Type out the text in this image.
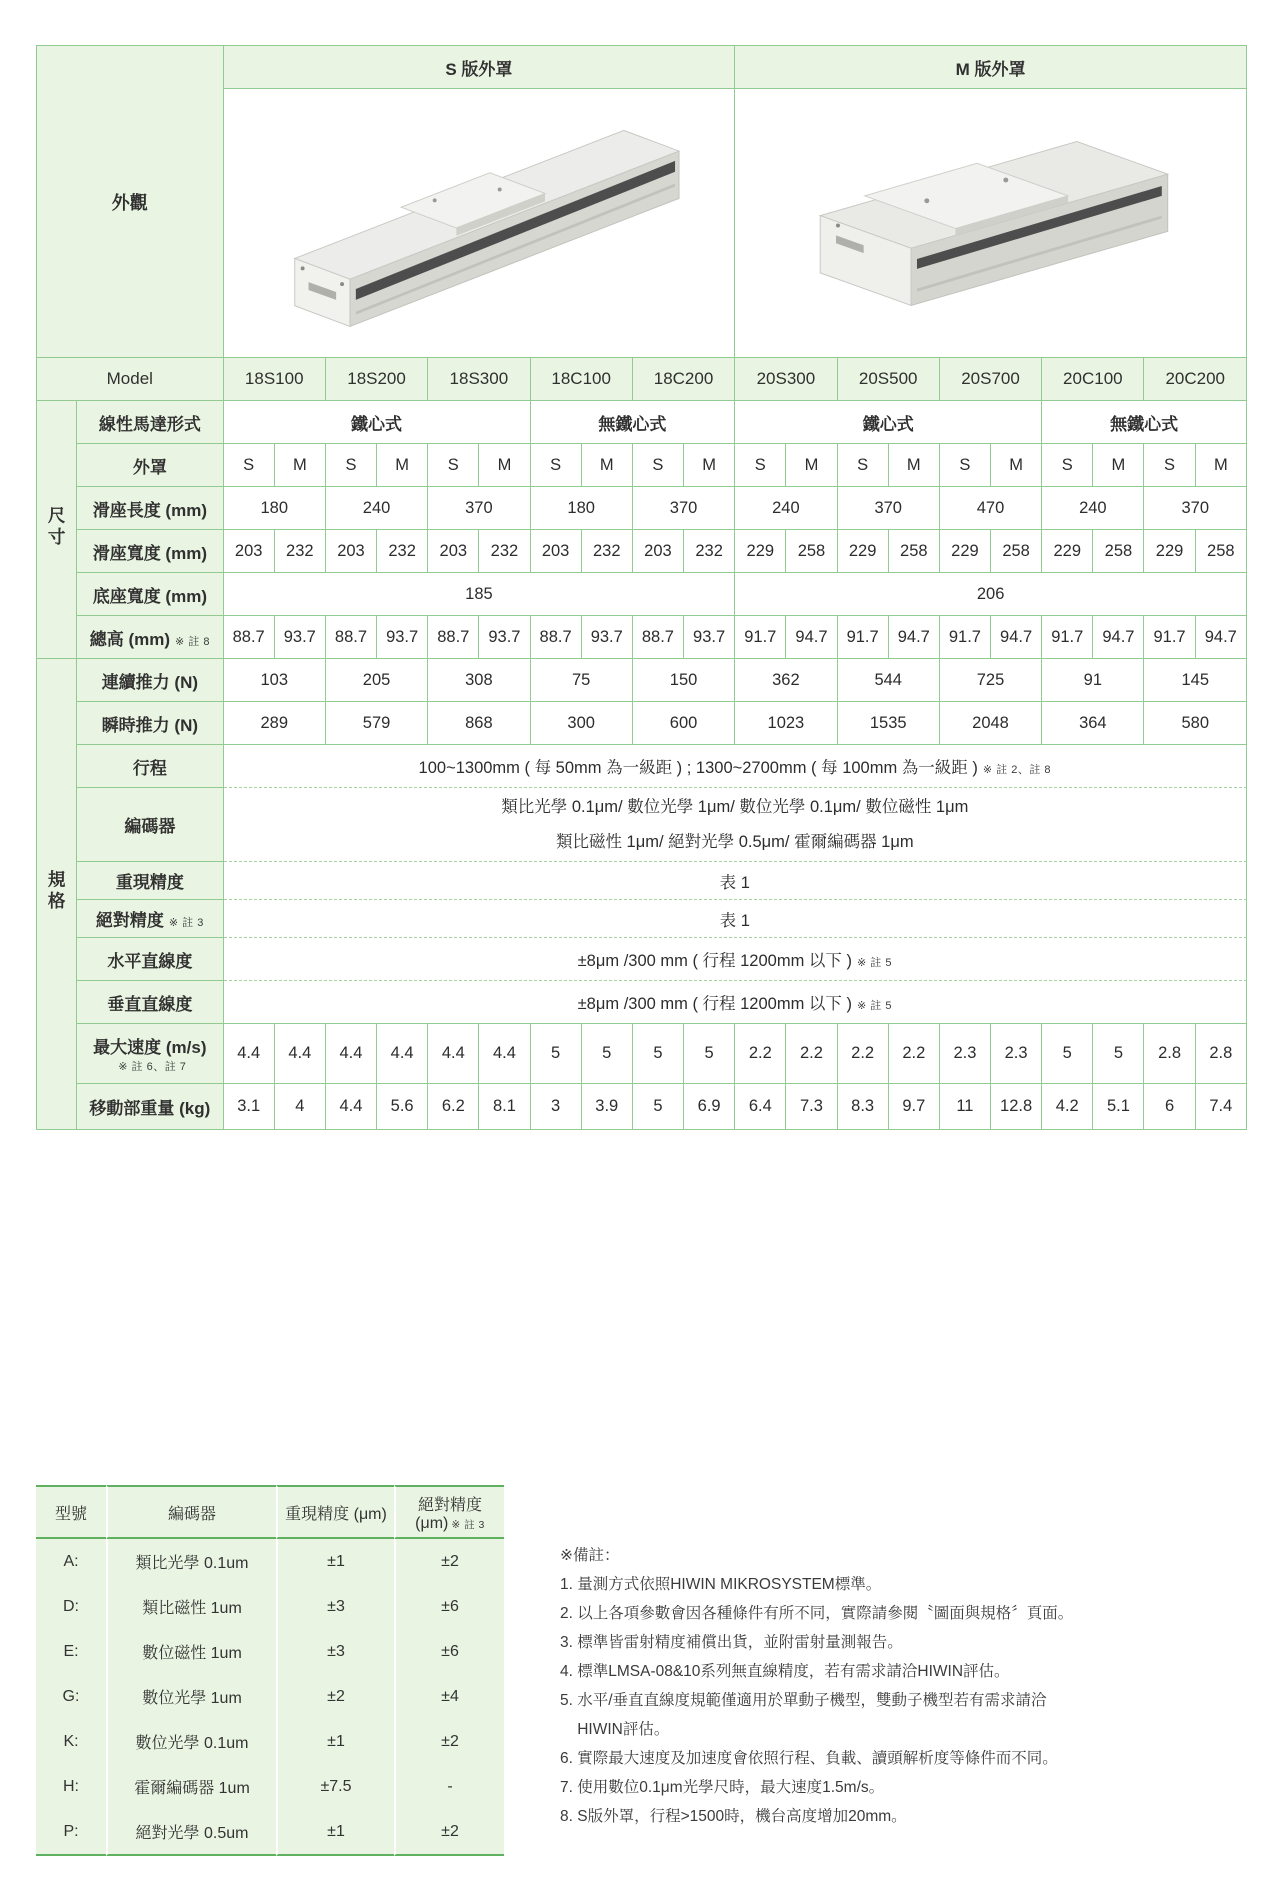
外觀		S 版外罩										M 版外罩									

Model		18S100		18S200		18S300		18C100		18C200		20S300		20S500		20S700		20C100		20C200	
尺寸	線性馬達形式	鐵心式						無鐵心式				鐵心式						無鐵心式			
	外罩	S	M	S	M	S	M	S	M	S	M	S	M	S	M	S	M	S	M	S	M
	滑座長度 (mm)	180		240		370		180		370		240		370		470		240		370	
	滑座寬度 (mm)	203	232	203	232	203	232	203	232	203	232	229	258	229	258	229	258	229	258	229	258
	底座寬度 (mm)	185										206									
	總高 (mm) ※ 註 8	88.7	93.7	88.7	93.7	88.7	93.7	88.7	93.7	88.7	93.7	91.7	94.7	91.7	94.7	91.7	94.7	91.7	94.7	91.7	94.7
規格	連續推力 (N)	103		205		308		75		150		362		544		725		91		145	
	瞬時推力 (N)	289		579		868		300		600		1023		1535		2048		364		580	
	行程	100~1300mm ( 每 50mm 為一級距 ) ; 1300~2700mm ( 每 100mm 為一級距 ) ※ 註 2、註 8																			
	編碼器	類比光學 0.1μm/ 數位光學 1μm/ 數位光學 0.1μm/ 數位磁性 1μm
類比磁性 1μm/ 絕對光學 0.5μm/ 霍爾編碼器 1μm																			

	重現精度	表 1																			
	絕對精度 ※ 註 3	表 1																			
	水平直線度	±8μm /300 mm ( 行程 1200mm 以下 ) ※ 註 5																			
	垂直直線度	±8μm /300 mm ( 行程 1200mm 以下 ) ※ 註 5																			

	最大速度 (m/s)
※ 註 6、註 7	4.4	4.4	4.4	4.4	4.4	4.4	5	5	5	5	2.2	2.2	2.2	2.2	2.3	2.3	5	5	2.8	2.8
	移動部重量 (kg)	3.1	4	4.4	5.6	6.2	8.1	3	3.9	5	6.9	6.4	7.3	8.3	9.7	11	12.8	4.2	5.1	6	7.4
型號	編碼器	重現精度 (μm)	絕對精度 (μm) ※ 註 3
A:	類比光學 0.1um	±1	±2
D:	類比磁性 1um	±3	±6
E:	數位磁性 1um	±3	±6
G:	數位光學 1um	±2	±4
K:	數位光學 0.1um	±1	±2
H:	霍爾編碼器 1um	±7.5	-
P:	絕對光學 0.5um	±1	±2
※備註：
1. 量測方式依照HIWIN MIKROSYSTEM標準。
2. 以上各項參數會因各種條件有所不同，實際請參閱〝圖面與規格〞頁面。
3. 標準皆雷射精度補償出貨，並附雷射量測報告。
4. 標準LMSA-08&10系列無直線精度，若有需求請洽HIWIN評估。
5. 水平/垂直直線度規範僅適用於單動子機型，雙動子機型若有需求請洽
HIWIN評估。
6. 實際最大速度及加速度會依照行程、負載、讀頭解析度等條件而不同。
7. 使用數位0.1μm光學尺時，最大速度1.5m/s。
8. S版外罩，行程>1500時，機台高度增加20mm。
